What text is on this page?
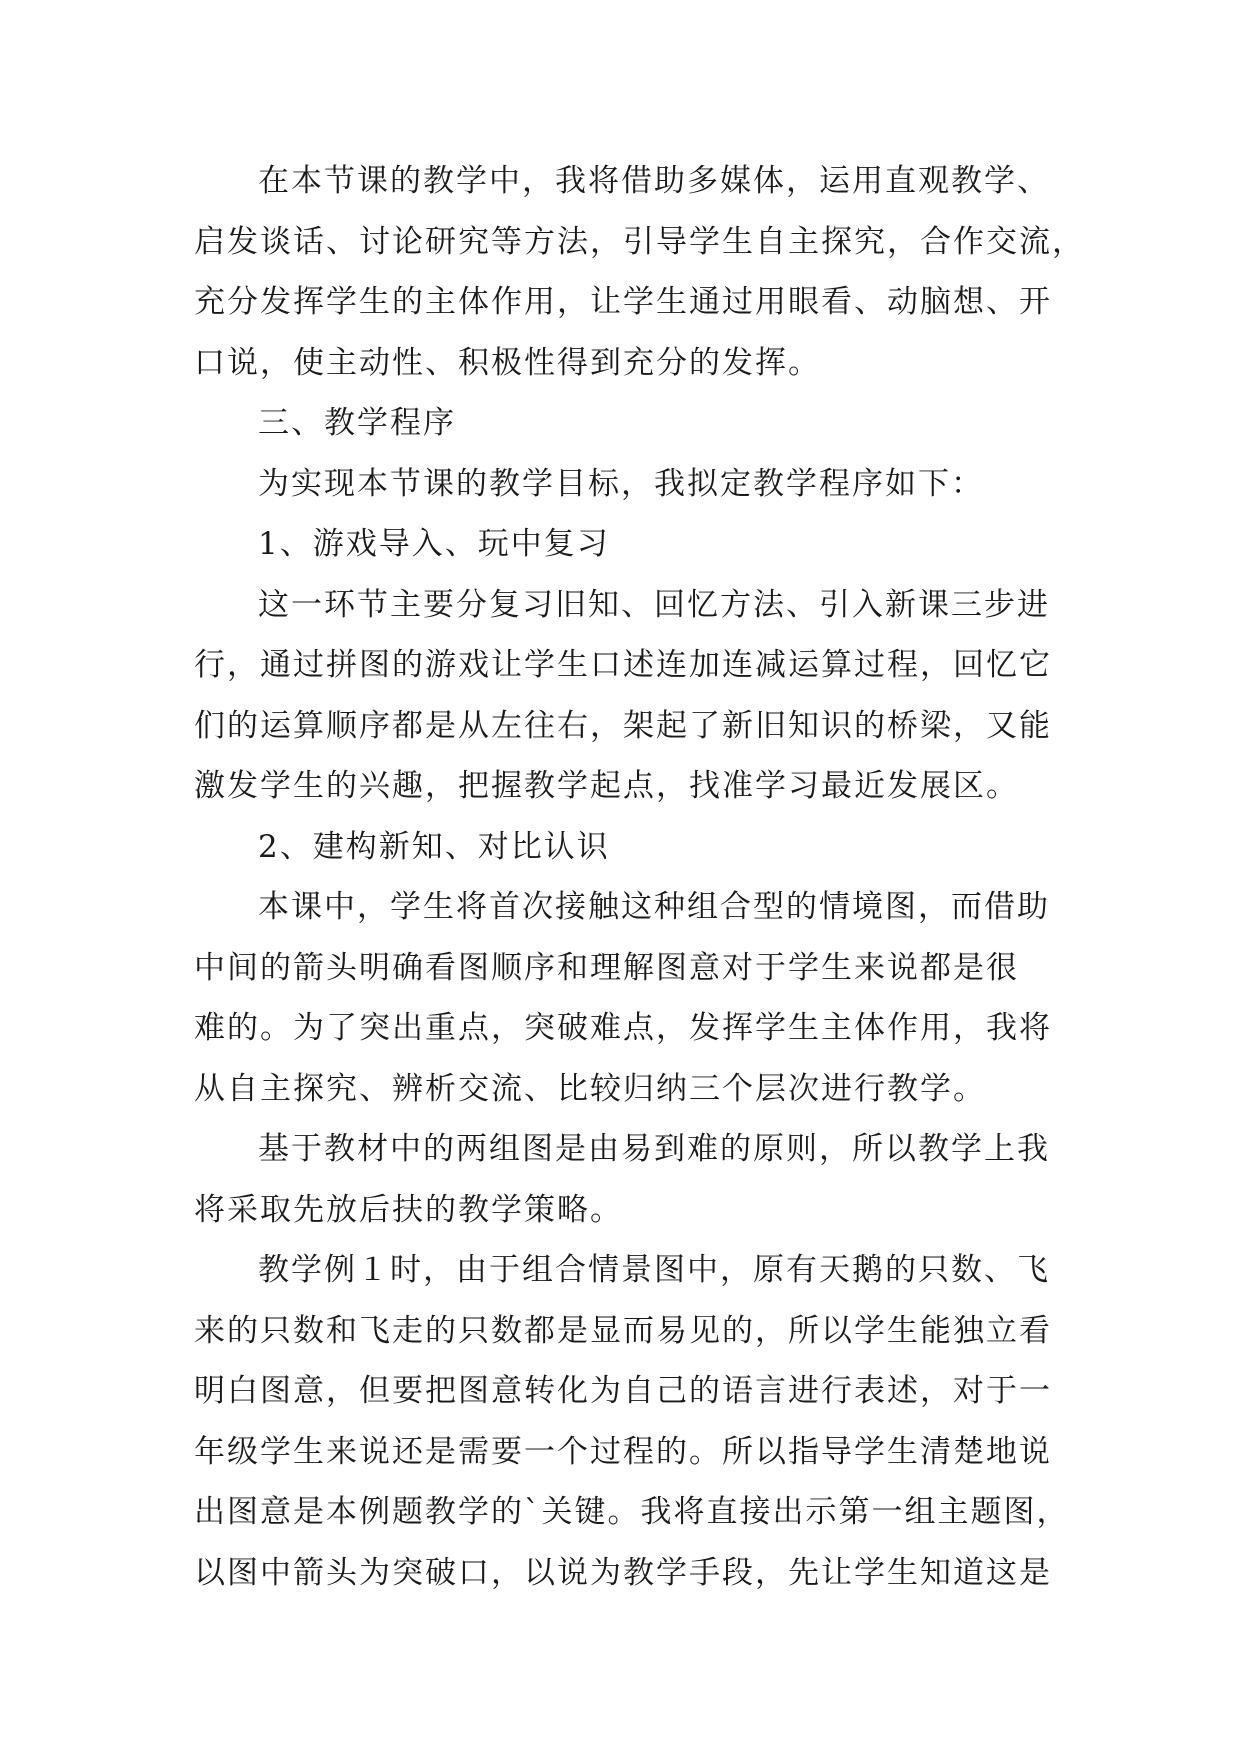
在本节课的教学中，我将借助多媒体，运用直观教学、
启发谈话、讨论研究等方法，引导学生自主探究，合作交流，
充分发挥学生的主体作用，让学生通过用眼看、动脑想、开
口说，使主动性、积极性得到充分的发挥。
三、教学程序
为实现本节课的教学目标，我拟定教学程序如下：
1、游戏导入、玩中复习
这一环节主要分复习旧知、回忆方法、引入新课三步进
行，通过拼图的游戏让学生口述连加连减运算过程，回忆它
们的运算顺序都是从左往右，架起了新旧知识的桥梁，又能
激发学生的兴趣，把握教学起点，找准学习最近发展区。
2、建构新知、对比认识
本课中，学生将首次接触这种组合型的情境图，而借助
中间的箭头明确看图顺序和理解图意对于学生来说都是很
难的。为了突出重点，突破难点，发挥学生主体作用，我将
从自主探究、辨析交流、比较归纳三个层次进行教学。
基于教材中的两组图是由易到难的原则，所以教学上我
将采取先放后扶的教学策略。
教学例１时，由于组合情景图中，原有天鹅的只数、飞
来的只数和飞走的只数都是显而易见的，所以学生能独立看
明白图意，但要把图意转化为自己的语言进行表述，对于一
年级学生来说还是需要一个过程的。所以指导学生清楚地说
出图意是本例题教学的`关键。我将直接出示第一组主题图，
以图中箭头为突破口，以说为教学手段，先让学生知道这是
